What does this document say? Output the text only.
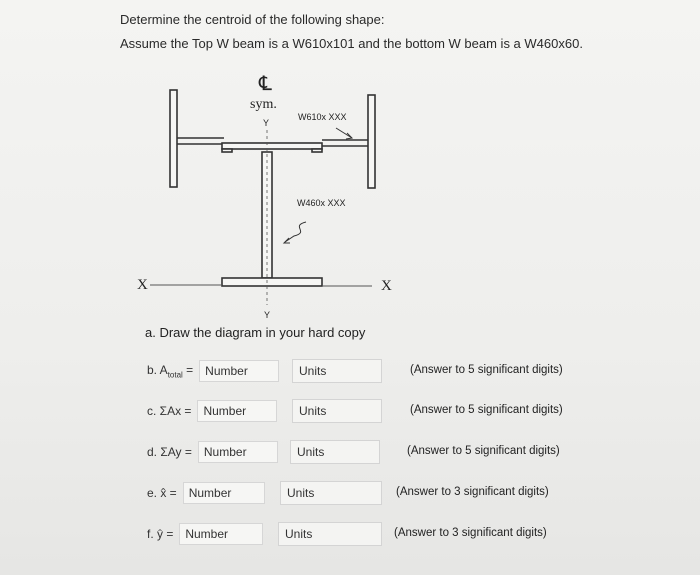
Determine the centroid of the following shape:
Assume the Top W beam is a W610x101 and the bottom W beam is a W460x60.
℄
sym.
Y
X	X
Y
W610x XXX
W460x XXX
a. Draw the diagram in your hard copy
b. $A_{total}$ =	Number	Units	(Answer to 5 significant digits)
c. ΣAx =	Number	Units	(Answer to 5 significant digits)
d. ΣAy =	Number	Units	(Answer to 5 significant digits)
e. x̂ =	Number	Units	(Answer to 3 significant digits)
f. ŷ =	Number	Units	(Answer to 3 significant digits)
